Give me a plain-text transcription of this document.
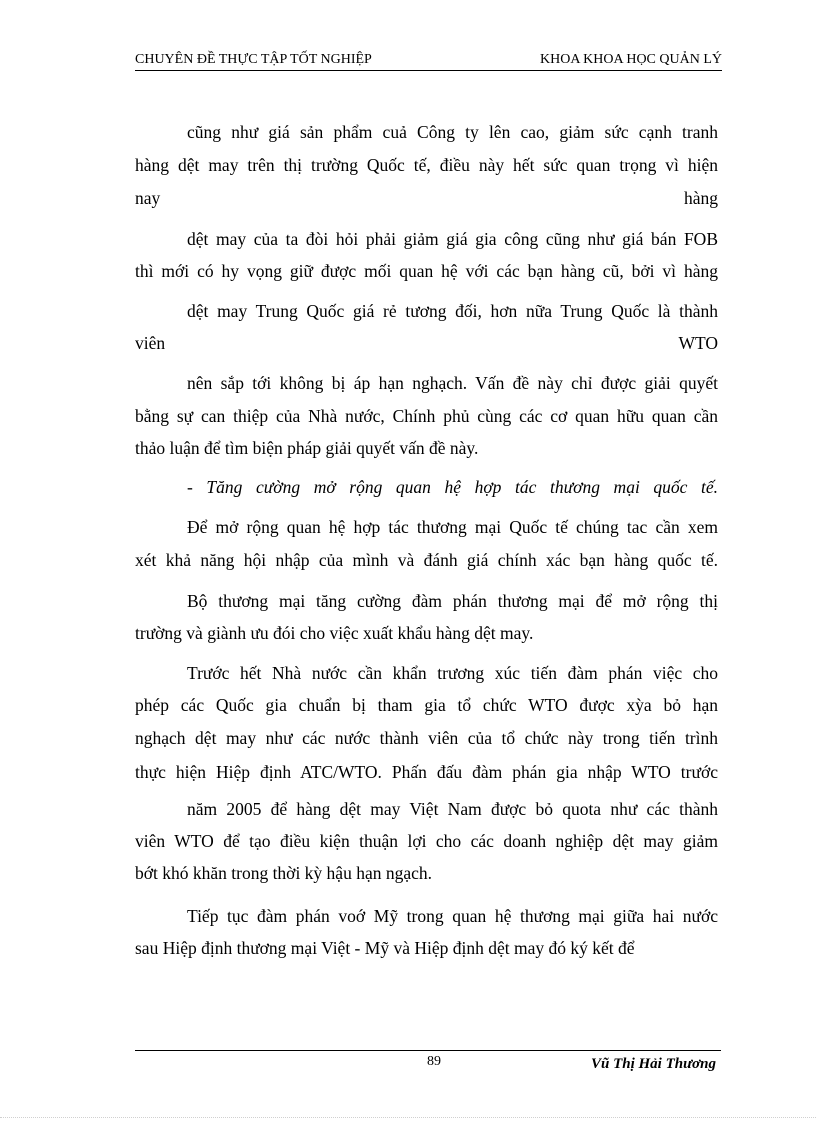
CHUYÊN ĐỀ THỰC TẬP TỐT NGHIỆP	KHOA KHOA HỌC QUẢN LÝ
cũng như giá sản phẩm cuả Công ty lên cao, giảm sức cạnh tranh
hàng dệt may trên thị trường Quốc tế, điều này hết sức quan trọng vì hiện
nay	hàng
dệt may của ta đòi hỏi phải giảm giá gia công cũng như giá bán FOB
thì mới có hy vọng giữ được mối quan hệ với các bạn hàng cũ, bởi vì hàng
dệt may Trung Quốc giá rẻ tương đối, hơn nữa Trung Quốc là thành
viên	WTO
nên sắp tới không bị áp hạn nghạch. Vấn đề này chỉ được giải quyết
bằng sự can thiệp của Nhà nước, Chính phủ cùng các cơ quan hữu quan cần
thảo luận để tìm biện pháp giải quyết vấn đề này.
- Tăng cường mở rộng quan hệ hợp tác thương mại quốc tế.
Để mở rộng quan hệ hợp tác thương mại Quốc tế chúng tac cần xem
xét khả năng hội nhập của mình và đánh giá chính xác bạn hàng quốc tế.
Bộ thương mại tăng cường đàm phán thương mại để mở rộng thị
trường và giành ưu đói cho việc xuất khẩu hàng dệt may.
Trước hết Nhà nước cần khẩn trương xúc tiến đàm phán việc cho
phép các Quốc gia chuẩn bị tham gia tổ chức WTO được xỳa bỏ hạn
nghạch dệt may như các nước thành viên của tổ chức này trong tiến trình
thực hiện Hiệp định ATC/WTO. Phấn đấu đàm phán gia nhập WTO trước
năm 2005 để hàng dệt may Việt Nam được bỏ quota như các thành
viên WTO để tạo điều kiện thuận lợi cho các doanh nghiệp dệt may giảm
bớt khó khăn trong thời kỳ hậu hạn ngạch.
Tiếp tục đàm phán voớ Mỹ trong quan hệ thương mại giữa hai nước
sau Hiệp định thương mại Việt - Mỹ và Hiệp định dệt may đó ký kết để
89	Vũ Thị Hải Thương
